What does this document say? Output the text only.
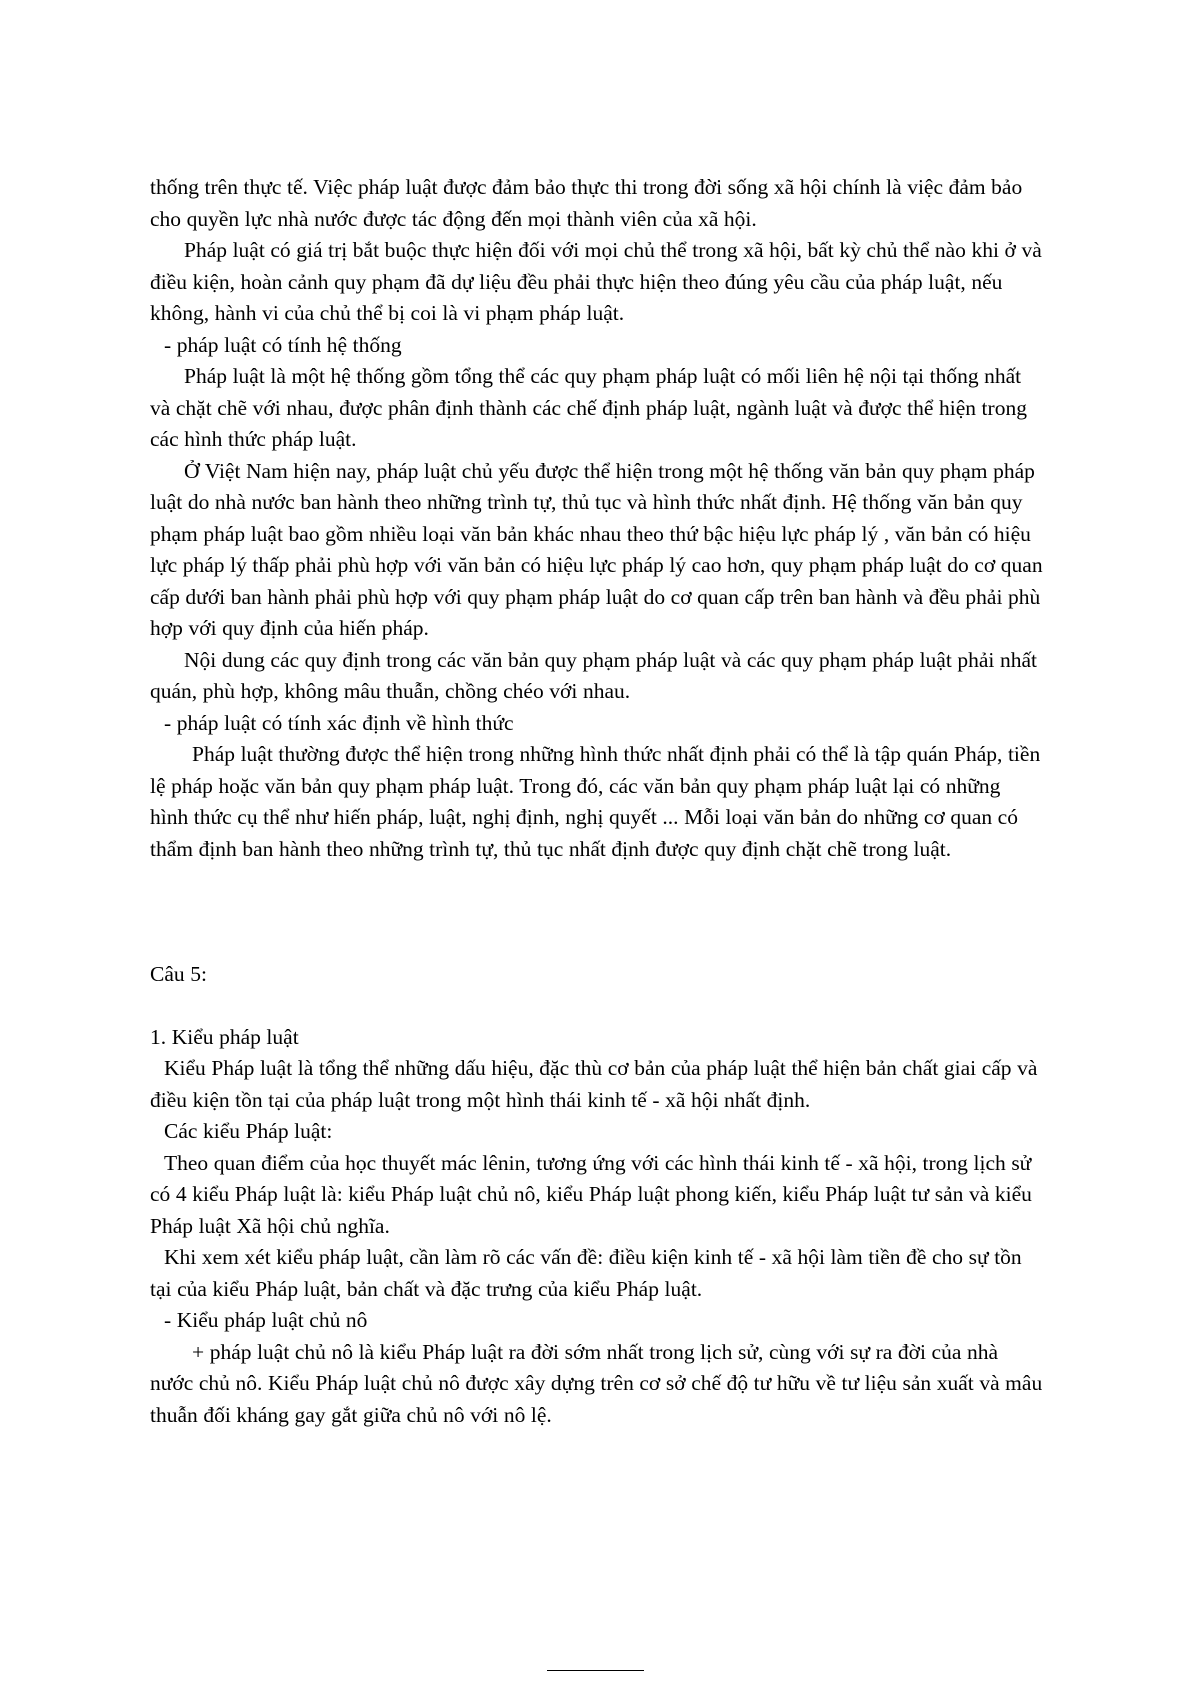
thống trên thực tế. Việc pháp luật được đảm bảo thực thi trong đời sống xã hội chính là việc đảm bảo cho quyền lực nhà nước được tác động đến mọi thành viên của xã hội.

Pháp luật có giá trị bắt buộc thực hiện đối với mọi chủ thể trong xã hội, bất kỳ chủ thể nào khi ở và điều kiện, hoàn cảnh quy phạm đã dự liệu đều phải thực hiện theo đúng yêu cầu của pháp luật, nếu không, hành vi của chủ thể bị coi là vi phạm pháp luật.

- pháp luật có tính hệ thống

Pháp luật là một hệ thống gồm tổng thể các quy phạm pháp luật có mối liên hệ nội tại thống nhất và chặt chẽ với nhau, được phân định thành các chế định pháp luật, ngành luật và được thể hiện trong các hình thức pháp luật.

Ở Việt Nam hiện nay, pháp luật chủ yếu được thể hiện trong một hệ thống văn bản quy phạm pháp luật do nhà nước ban hành theo những trình tự, thủ tục và hình thức nhất định. Hệ thống văn bản quy phạm pháp luật bao gồm nhiều loại văn bản khác nhau theo thứ bậc hiệu lực pháp lý , văn bản có hiệu lực pháp lý thấp phải phù hợp với văn bản có hiệu lực pháp lý cao hơn, quy phạm pháp luật do cơ quan cấp dưới ban hành phải phù hợp với quy phạm pháp luật do cơ quan cấp trên ban hành và đều phải phù hợp với quy định của hiến pháp.

Nội dung các quy định trong các văn bản quy phạm pháp luật và các quy phạm pháp luật phải nhất quán, phù hợp, không mâu thuẫn, chồng chéo với nhau.

- pháp luật có tính xác định về hình thức

Pháp luật thường được thể hiện trong những hình thức nhất định phải có thể là tập quán Pháp, tiền lệ pháp hoặc văn bản quy phạm pháp luật. Trong đó, các văn bản quy phạm pháp luật lại có những hình thức cụ thể như hiến pháp, luật, nghị định, nghị quyết ... Mỗi loại văn bản do những cơ quan có thẩm định ban hành theo những trình tự, thủ tục nhất định được quy định chặt chẽ trong luật.

Câu 5:

1. Kiểu pháp luật

Kiểu Pháp luật là tổng thể những dấu hiệu, đặc thù cơ bản của pháp luật thể hiện bản chất giai cấp và điều kiện tồn tại của pháp luật trong một hình thái kinh tế - xã hội nhất định.

Các kiểu Pháp luật:

Theo quan điểm của học thuyết mác lênin, tương ứng với các hình thái kinh tế - xã hội, trong lịch sử có 4 kiểu Pháp luật là: kiểu Pháp luật chủ nô, kiểu Pháp luật phong kiến, kiểu Pháp luật tư sản và kiểu Pháp luật Xã hội chủ nghĩa.

Khi xem xét kiểu pháp luật, cần làm rõ các vấn đề: điều kiện kinh tế - xã hội làm tiền đề cho sự tồn tại của kiểu Pháp luật, bản chất và đặc trưng của kiểu Pháp luật.

- Kiểu pháp luật chủ nô

+ pháp luật chủ nô là kiểu Pháp luật ra đời sớm nhất trong lịch sử, cùng với sự ra đời của nhà nước chủ nô. Kiểu Pháp luật chủ nô được xây dựng trên cơ sở chế độ tư hữu về tư liệu sản xuất và mâu thuẫn đối kháng gay gắt giữa chủ nô với nô lệ.
